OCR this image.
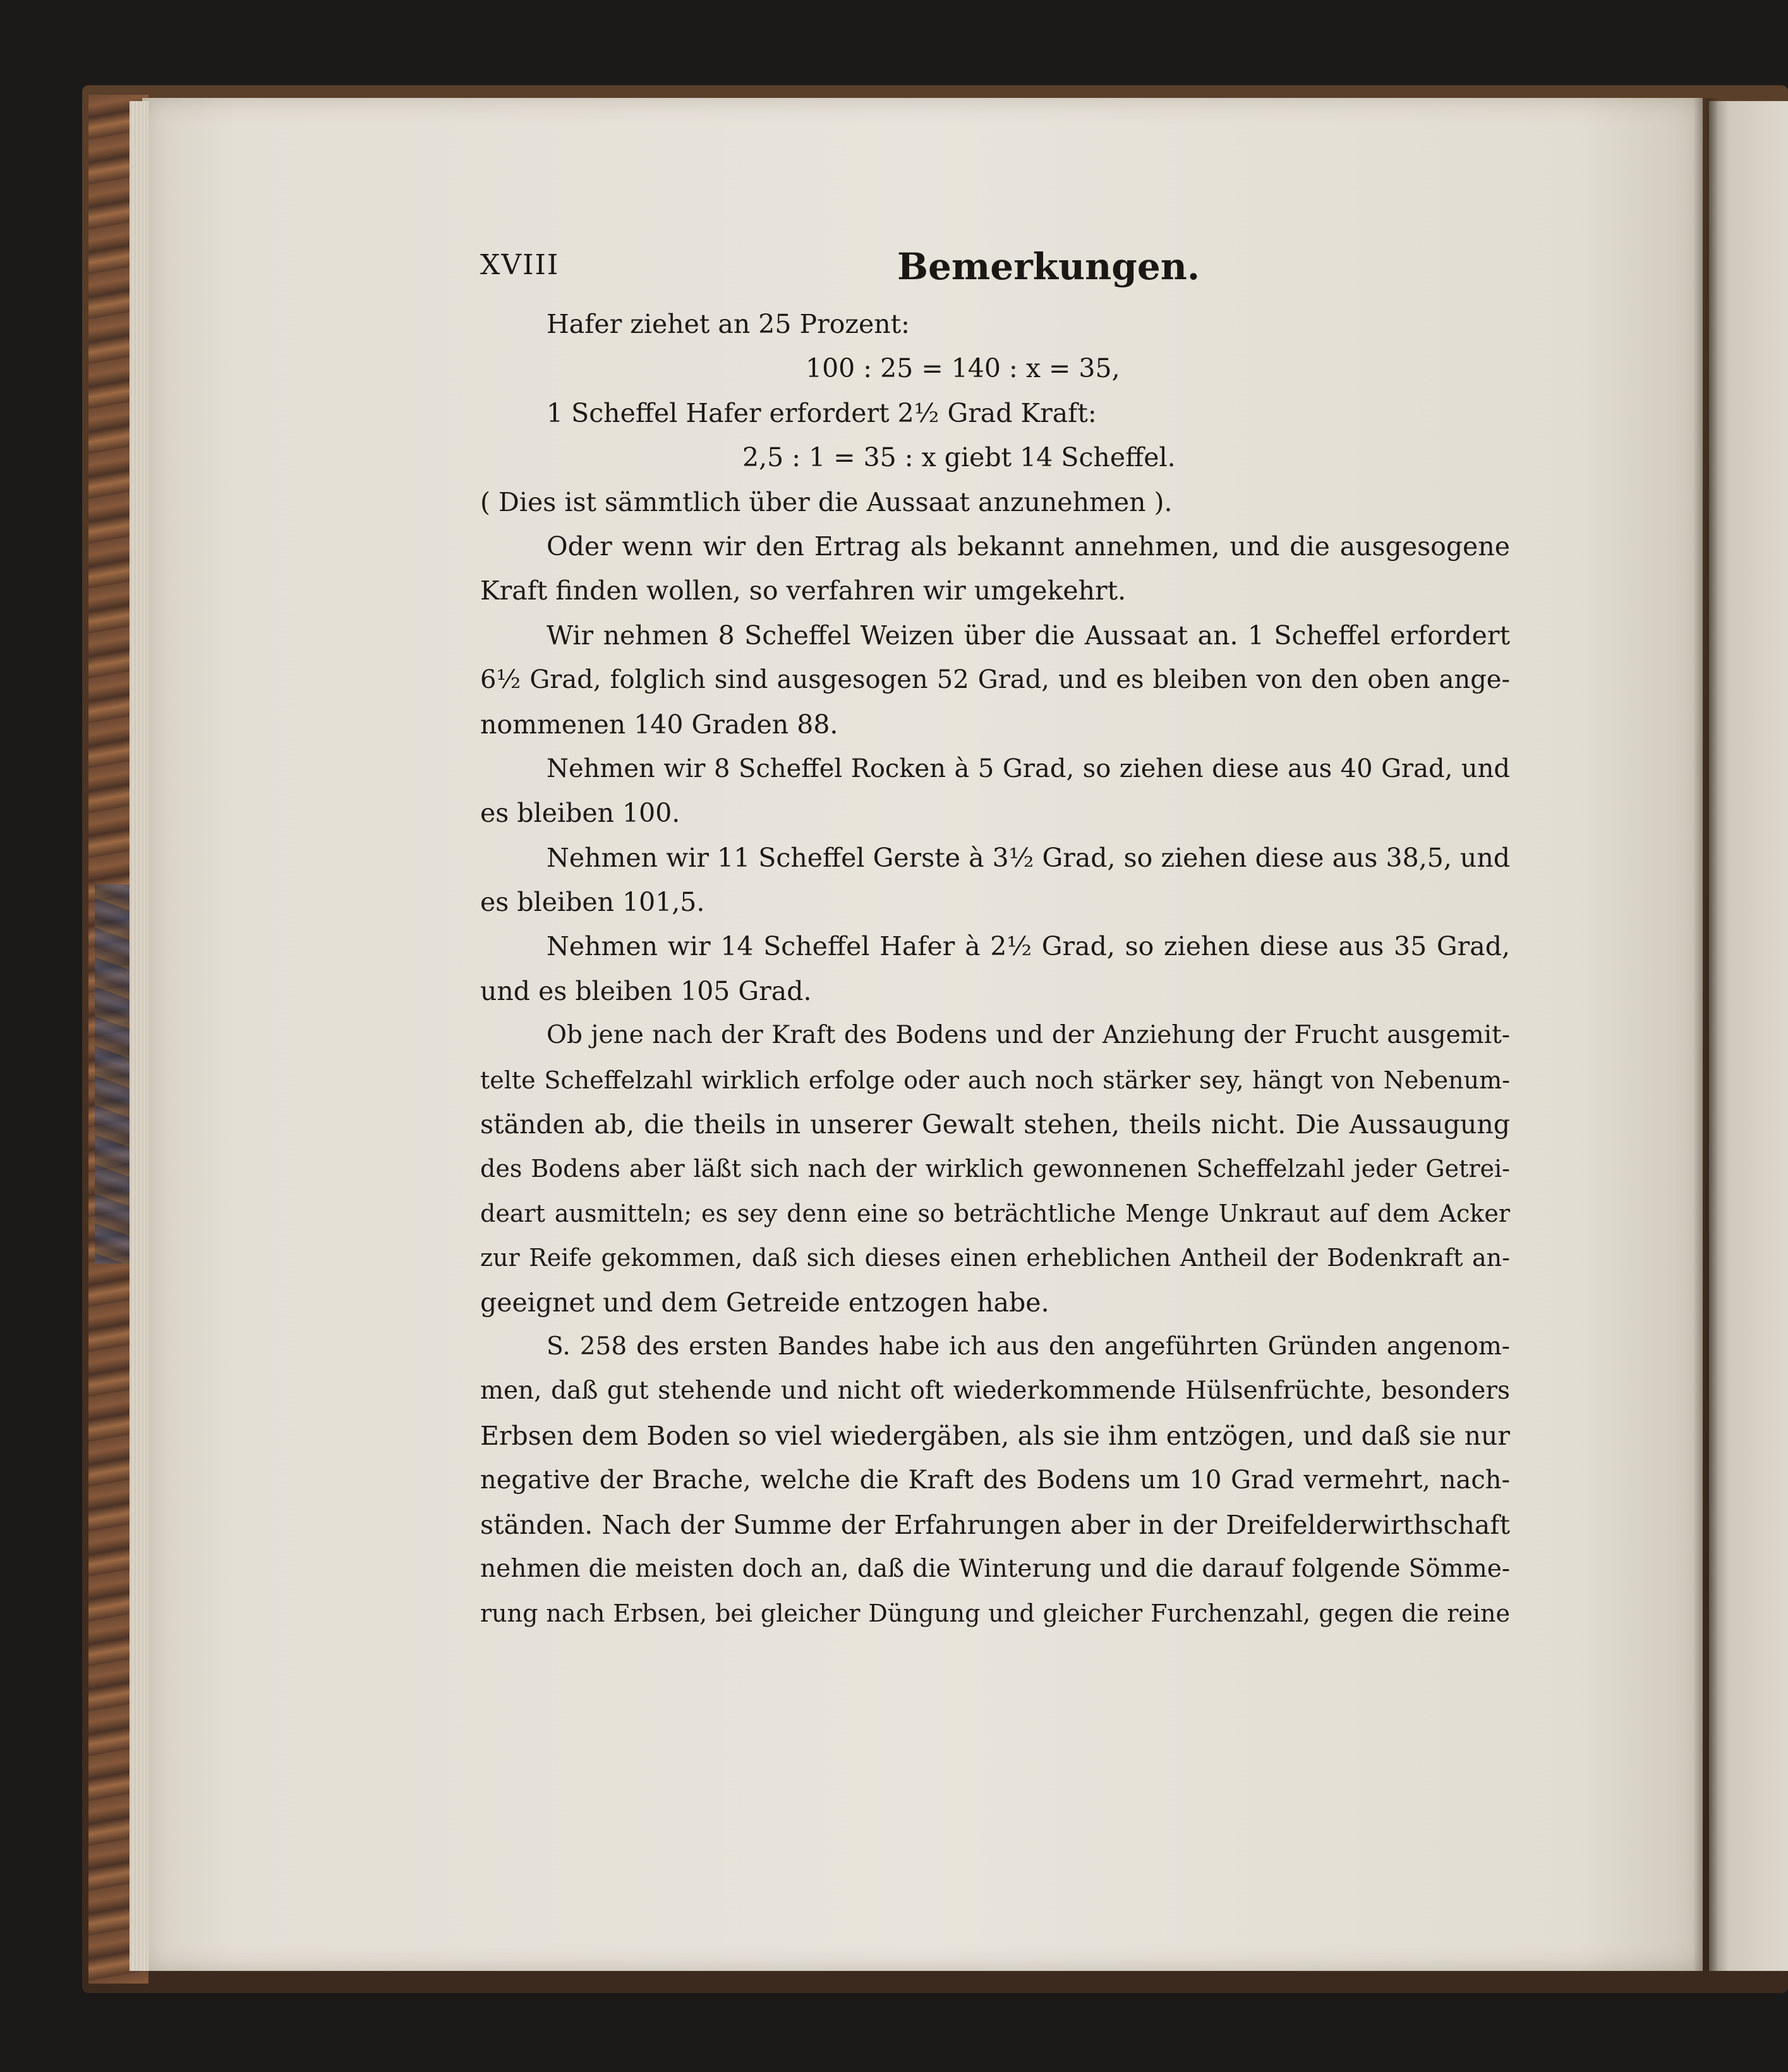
XVIII	Bemerkungen.
Hafer ziehet an 25 Prozent:
100 : 25 = 140 : x = 35,
1 Scheffel Hafer erfordert 2½ Grad Kraft:
2,5 : 1 = 35 : x giebt 14 Scheffel.
( Dies ist sämmtlich über die Aussaat anzunehmen ).
Oder wenn wir den Ertrag als bekannt annehmen, und die ausgesogene
Kraft finden wollen, so verfahren wir umgekehrt.
Wir nehmen 8 Scheffel Weizen über die Aussaat an. 1 Scheffel erfordert
6½ Grad, folglich sind ausgesogen 52 Grad, und es bleiben von den oben ange-
nommenen 140 Graden 88.
Nehmen wir 8 Scheffel Rocken à 5 Grad, so ziehen diese aus 40 Grad, und
es bleiben 100.
Nehmen wir 11 Scheffel Gerste à 3½ Grad, so ziehen diese aus 38,5, und
es bleiben 101,5.
Nehmen wir 14 Scheffel Hafer à 2½ Grad, so ziehen diese aus 35 Grad,
und es bleiben 105 Grad.
Ob jene nach der Kraft des Bodens und der Anziehung der Frucht ausgemit-
telte Scheffelzahl wirklich erfolge oder auch noch stärker sey, hängt von Nebenum-
ständen ab, die theils in unserer Gewalt stehen, theils nicht. Die Aussaugung
des Bodens aber läßt sich nach der wirklich gewonnenen Scheffelzahl jeder Getrei-
deart ausmitteln; es sey denn eine so beträchtliche Menge Unkraut auf dem Acker
zur Reife gekommen, daß sich dieses einen erheblichen Antheil der Bodenkraft an-
geeignet und dem Getreide entzogen habe.
S. 258 des ersten Bandes habe ich aus den angeführten Gründen angenom-
men, daß gut stehende und nicht oft wiederkommende Hülsenfrüchte, besonders
Erbsen dem Boden so viel wiedergäben, als sie ihm entzögen, und daß sie nur
negative der Brache, welche die Kraft des Bodens um 10 Grad vermehrt, nach-
ständen. Nach der Summe der Erfahrungen aber in der Dreifelderwirthschaft
nehmen die meisten doch an, daß die Winterung und die darauf folgende Sömme-
rung nach Erbsen, bei gleicher Düngung und gleicher Furchenzahl, gegen die reine
